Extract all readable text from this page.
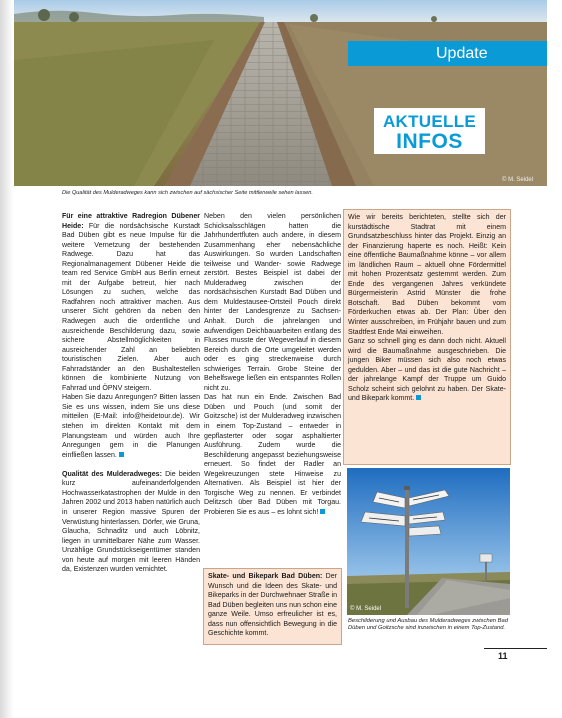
Update
AKTUELLE
INFOS
© M. Seidel
Die Qualität des Mulderadweges kann sich zwischen auf sächsischer Seite mittlerweile sehen lassen.

Für eine attraktive Radregion Dübener Heide: Für die nordsächsische Kurstadt Bad Düben gibt es neue Impulse für die weitere Vernetzung der bestehenden Radwege. Dazu hat das Regionalmanagement Dübener Heide die team red Service GmbH aus Berlin erneut mit der Aufgabe betreut, hier nach Lösungen zu suchen, welche das Radfahren noch attraktiver machen. Aus unserer Sicht gehören da neben den Radwegen auch die ordentliche und ausreichende Beschilderung dazu, sowie sichere Abstellmöglichkeiten in ausreichender Zahl an beliebten touristischen Zielen. Aber auch Fahrradständer an den Bushaltestellen können die kombinierte Nutzung von Fahrrad und ÖPNV steigern.

Haben Sie dazu Anregungen? Bitten lassen Sie es uns wissen, indem Sie uns diese mitteilen (E-Mail: info@heidetour.de). Wir stehen im direkten Kontakt mit dem Planungsteam und würden auch Ihre Anregungen gern in die Planungen einfließen lassen.

Qualität des Mulderadweges: Die beiden kurz aufeinanderfolgenden Hochwasserkatastrophen der Mulde in den Jahren 2002 und 2013 haben natürlich auch in unserer Region massive Spuren der Verwüstung hinterlassen. Dörfer, wie Gruna, Glaucha, Schnaditz und auch Löbnitz, liegen in unmittelbarer Nähe zum Wasser. Unzählige Grundstückseigentümer standen von heute auf morgen mit leeren Händen da, Existenzen wurden vernichtet.

Neben den vielen persönlichen Schicksalsschlägen hatten die Jahrhundertfluten auch andere, in diesem Zusammenhang eher nebensächliche Auswirkungen. So wurden Landschaften teilweise und Wander- sowie Radwege zerstört. Bestes Beispiel ist dabei der Mulderadweg zwischen der nordsächsischen Kurstadt Bad Düben und dem Muldestausee-Ortsteil Pouch direkt hinter der Landesgrenze zu Sachsen-Anhalt. Durch die jahrelangen und aufwendigen Deichbauarbeiten entlang des Flusses musste der Wegeverlauf in diesem Bereich durch die Orte umgeleitet werden oder es ging streckenweise durch schwieriges Terrain. Grobe Steine der Behelfswege ließen ein entspanntes Rollen nicht zu.

Das hat nun ein Ende. Zwischen Bad Düben und Pouch (und somit der Goitzsche) ist der Mulderadweg inzwischen in einem Top-Zustand – entweder in gepflasterter oder sogar asphaltierter Ausführung. Zudem wurde die Beschilderung angepasst beziehungsweise erneuert. So findet der Radler an Wegekreuzungen stete Hinweise zu Alternativen. Als Beispiel ist hier der Torgische Weg zu nennen. Er verbindet Delitzsch über Bad Düben mit Torgau. Probieren Sie es aus – es lohnt sich!

Skate- und Bikepark Bad Düben: Der Wunsch und die Ideen des Skate- und Bikeparks in der Durchwehnaer Straße in Bad Düben begleiten uns nun schon eine ganze Weile. Umso erfreulicher ist es, dass nun offensichtlich Bewegung in die Geschichte kommt.

Wie wir bereits berichteten, stellte sich der kurstädtische Stadtrat mit einem Grundsatzbeschluss hinter das Projekt. Einzig an der Finanzierung haperte es noch. Heißt: Kein eine öffentliche Baumaßnahme könne – vor allem im ländlichen Raum – aktuell ohne Fördermittel mit hohen Prozentsatz gestemmt werden. Zum Ende des vergangenen Jahres verkündete Bürgermeisterin Astrid Münster die frohe Botschaft. Bad Düben bekommt vom Förderkuchen etwas ab. Der Plan: Über den Winter ausschreiben, im Frühjahr bauen und zum Stadtfest Ende Mai einweihen.

Ganz so schnell ging es dann doch nicht. Aktuell wird die Baumaßnahme ausgeschrieben. Die jungen Biker müssen sich also noch etwas gedulden. Aber – und das ist die gute Nachricht – der jahrelange Kampf der Truppe um Guido Scholz scheint sich gelohnt zu haben. Der Skate- und Bikepark kommt.

© M. Seidel
Beschilderung und Ausbau des Mulderadweges zwischen Bad Düben und Goitzsche sind inzwischen in einem Top-Zustand.
11
